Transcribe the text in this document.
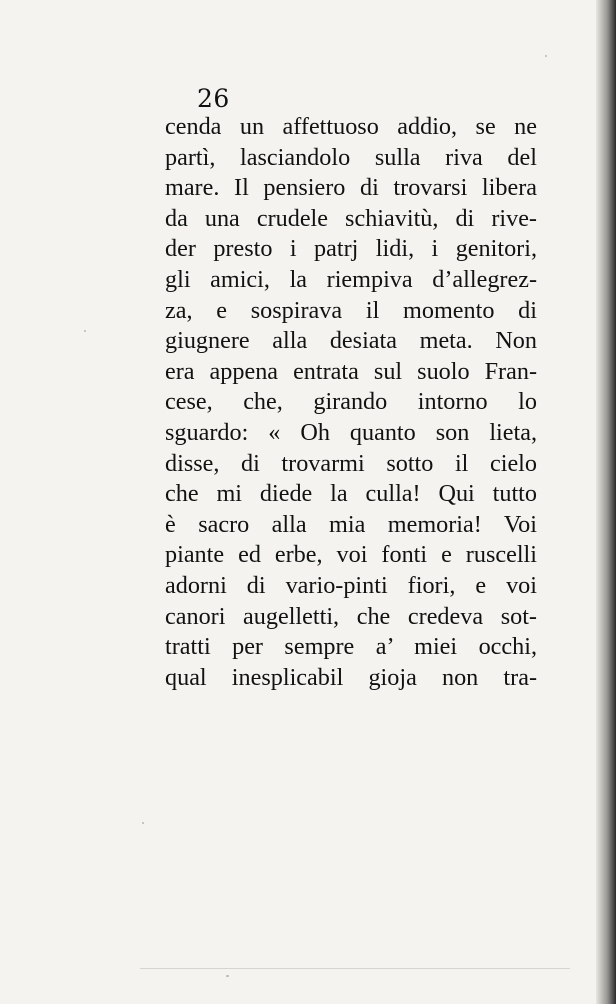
26
cenda un affettuoso addio, se ne
partì, lasciandolo sulla riva del
mare. Il pensiero di trovarsi libera
da una crudele schiavitù, di rive-
der presto i patrj lidi, i genitori,
gli amici, la riempiva d’allegrez-
za, e sospirava il momento di
giugnere alla desiata meta. Non
era appena entrata sul suolo Fran-
cese, che, girando intorno lo
sguardo: « Oh quanto son lieta,
disse, di trovarmi sotto il cielo
che mi diede la culla! Qui tutto
è sacro alla mia memoria! Voi
piante ed erbe, voi fonti e ruscelli
adorni di vario-pinti fiori, e voi
canori augelletti, che credeva sot-
tratti per sempre a’ miei occhi,
qual inesplicabil gioja non tra-
